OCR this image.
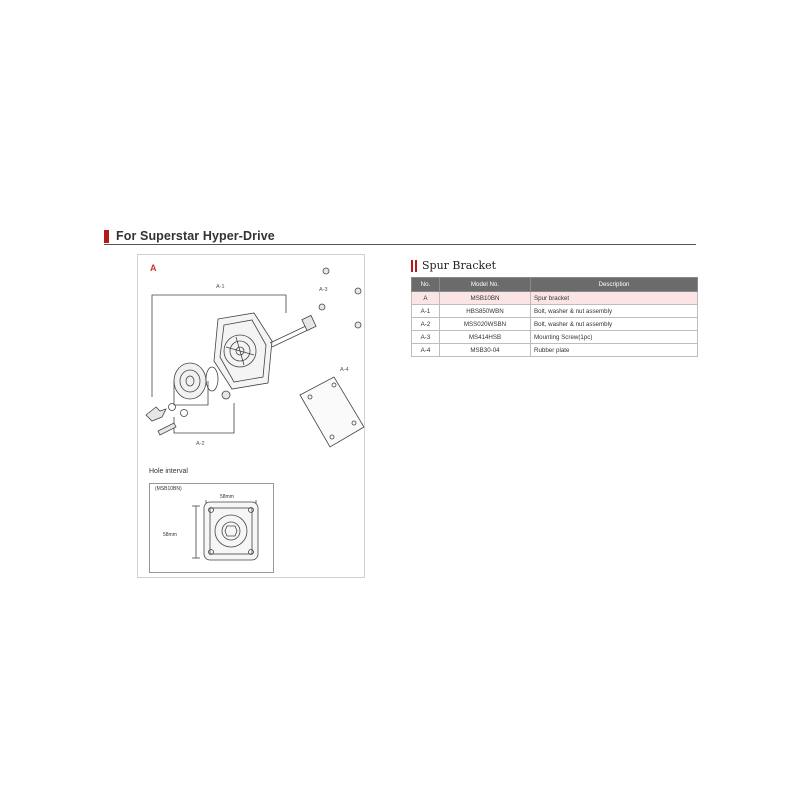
For Superstar Hyper-Drive
A
A-1
A-2
A-3
A-4
Hole interval
(MSB10BN)
58mm
58mm
Spur Bracket
No.	Model No.	Description
A	MSB10BN	Spur bracket
A-1	HBS850WBN	Bolt, washer & nut assembly
A-2	MSS020WSBN	Bolt, washer & nut assembly
A-3	MS414HSB	Mounting Screw(1pc)
A-4	MSB30-04	Rubber plate
